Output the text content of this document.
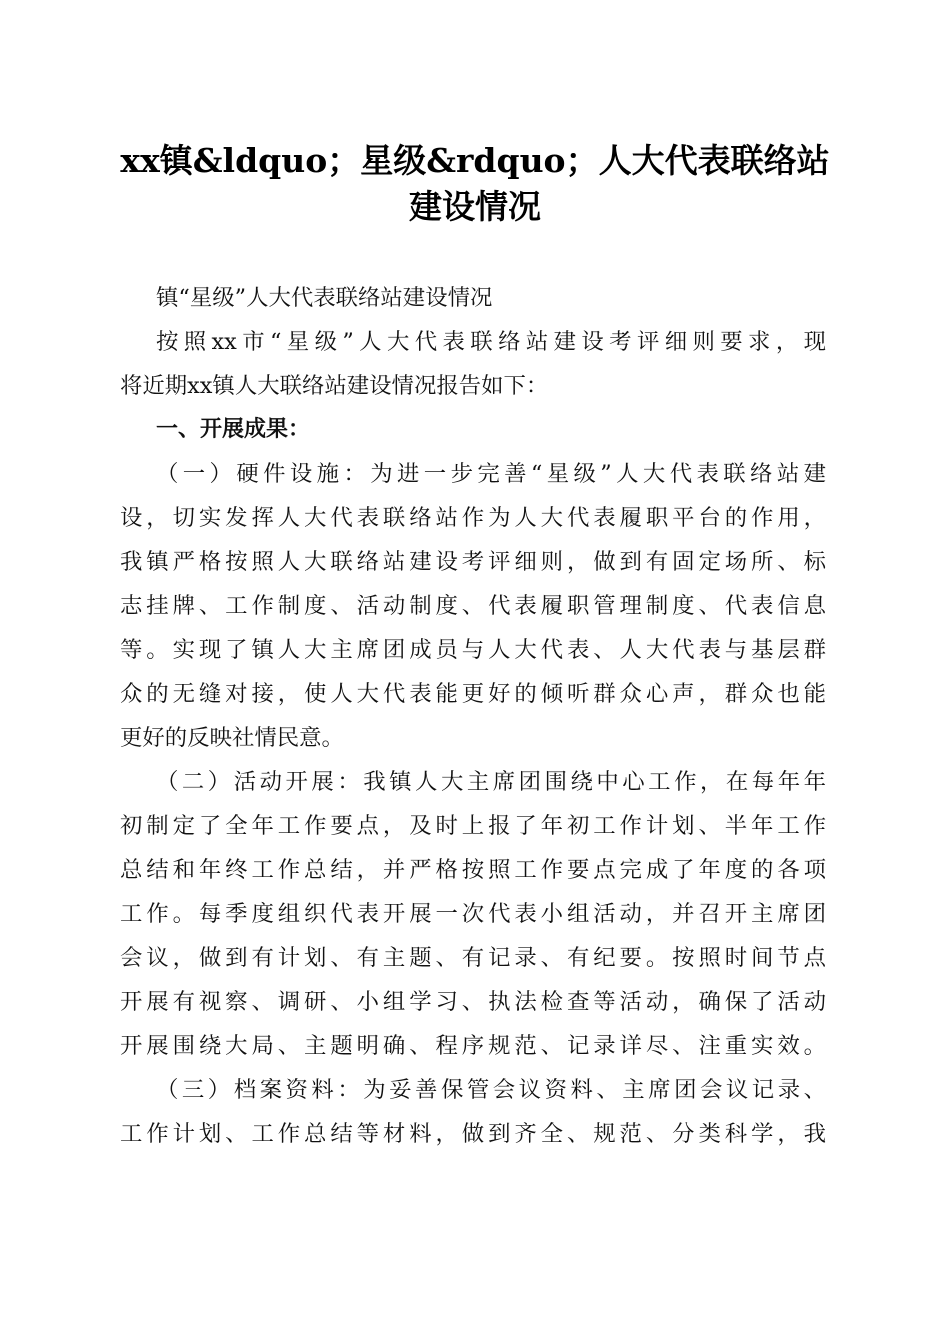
xx镇&ldquo；星级&rdquo；人大代表联络站
建设情况
镇“星级”人大代表联络站建设情况
按照xx市“星级”人大代表联络站建设考评细则要求，现
将近期xx镇人大联络站建设情况报告如下：
一、开展成果：
（一）硬件设施：为进一步完善“星级”人大代表联络站建
设，切实发挥人大代表联络站作为人大代表履职平台的作用，
我镇严格按照人大联络站建设考评细则，做到有固定场所、标
志挂牌、工作制度、活动制度、代表履职管理制度、代表信息
等。实现了镇人大主席团成员与人大代表、人大代表与基层群
众的无缝对接，使人大代表能更好的倾听群众心声，群众也能
更好的反映社情民意。
（二）活动开展：我镇人大主席团围绕中心工作，在每年年
初制定了全年工作要点，及时上报了年初工作计划、半年工作
总结和年终工作总结，并严格按照工作要点完成了年度的各项
工作。每季度组织代表开展一次代表小组活动，并召开主席团
会议，做到有计划、有主题、有记录、有纪要。按照时间节点
开展有视察、调研、小组学习、执法检查等活动，确保了活动
开展围绕大局、主题明确、程序规范、记录详尽、注重实效。
（三）档案资料：为妥善保管会议资料、主席团会议记录、
工作计划、工作总结等材料，做到齐全、规范、分类科学，我
